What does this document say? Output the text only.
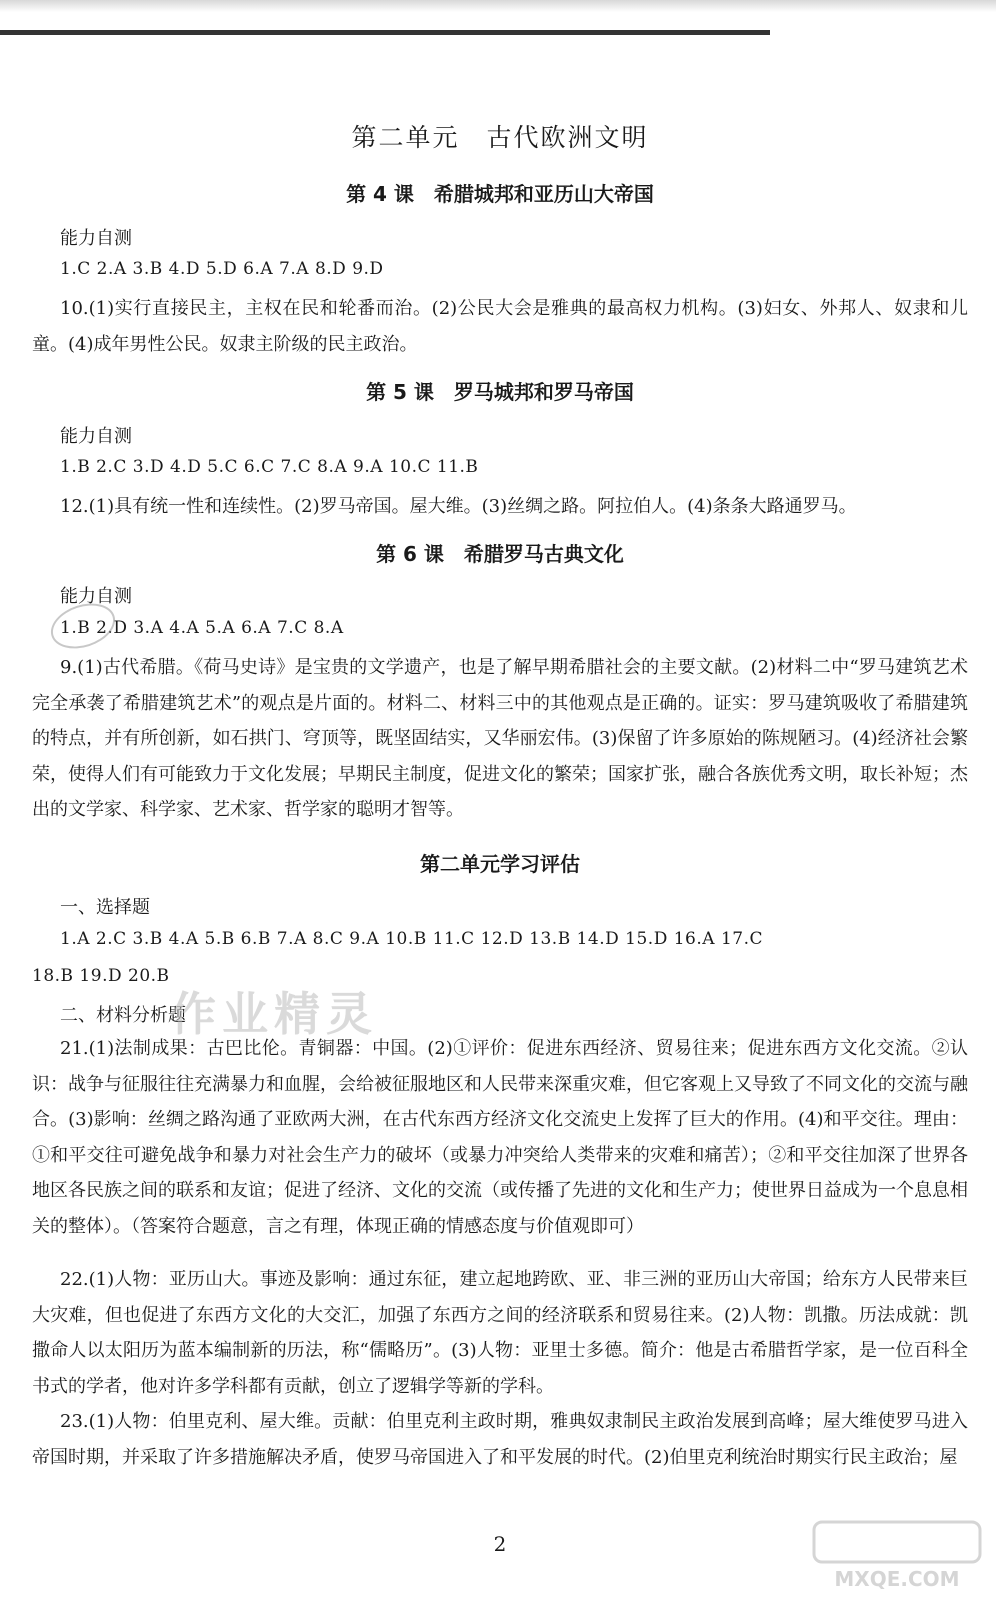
第二单元　古代欧洲文明
第 4 课　希腊城邦和亚历山大帝国
能力自测
1.C 2.A 3.B 4.D 5.D 6.A 7.A 8.D 9.D
10.(1)实行直接民主，主权在民和轮番而治。(2)公民大会是雅典的最高权力机构。(3)妇女、外邦人、奴隶和儿童。(4)成年男性公民。奴隶主阶级的民主政治。
第 5 课　罗马城邦和罗马帝国
能力自测
1.B 2.C 3.D 4.D 5.C 6.C 7.C 8.A 9.A 10.C 11.B
12.(1)具有统一性和连续性。(2)罗马帝国。屋大维。(3)丝绸之路。阿拉伯人。(4)条条大路通罗马。
第 6 课　希腊罗马古典文化
能力自测
1.B 2.D 3.A 4.A 5.A 6.A 7.C 8.A
9.(1)古代希腊。《荷马史诗》是宝贵的文学遗产，也是了解早期希腊社会的主要文献。(2)材料二中“罗马建筑艺术完全承袭了希腊建筑艺术”的观点是片面的。材料二、材料三中的其他观点是正确的。证实：罗马建筑吸收了希腊建筑的特点，并有所创新，如石拱门、穹顶等，既坚固结实，又华丽宏伟。(3)保留了许多原始的陈规陋习。(4)经济社会繁荣，使得人们有可能致力于文化发展；早期民主制度，促进文化的繁荣；国家扩张，融合各族优秀文明，取长补短；杰出的文学家、科学家、艺术家、哲学家的聪明才智等。
第二单元学习评估
一、选择题
1.A 2.C 3.B 4.A 5.B 6.B 7.A 8.C 9.A 10.B 11.C 12.D 13.B 14.D 15.D 16.A 17.C
18.B 19.D 20.B
二、材料分析题
21.(1)法制成果：古巴比伦。青铜器：中国。(2)①评价：促进东西经济、贸易往来；促进东西方文化交流。②认识：战争与征服往往充满暴力和血腥，会给被征服地区和人民带来深重灾难，但它客观上又导致了不同文化的交流与融合。(3)影响：丝绸之路沟通了亚欧两大洲，在古代东西方经济文化交流史上发挥了巨大的作用。(4)和平交往。理由：①和平交往可避免战争和暴力对社会生产力的破坏（或暴力冲突给人类带来的灾难和痛苦）；②和平交往加深了世界各地区各民族之间的联系和友谊；促进了经济、文化的交流（或传播了先进的文化和生产力；使世界日益成为一个息息相关的整体）。（答案符合题意，言之有理，体现正确的情感态度与价值观即可）
22.(1)人物：亚历山大。事迹及影响：通过东征，建立起地跨欧、亚、非三洲的亚历山大帝国；给东方人民带来巨大灾难，但也促进了东西方文化的大交汇，加强了东西方之间的经济联系和贸易往来。(2)人物：凯撒。历法成就：凯撒命人以太阳历为蓝本编制新的历法，称“儒略历”。(3)人物：亚里士多德。简介：他是古希腊哲学家，是一位百科全书式的学者，他对许多学科都有贡献，创立了逻辑学等新的学科。
23.(1)人物：伯里克利、屋大维。贡献：伯里克利主政时期，雅典奴隶制民主政治发展到高峰；屋大维使罗马进入帝国时期，并采取了许多措施解决矛盾，使罗马帝国进入了和平发展的时代。(2)伯里克利统治时期实行民主政治；屋
2
作业精灵
MXQE.COM
